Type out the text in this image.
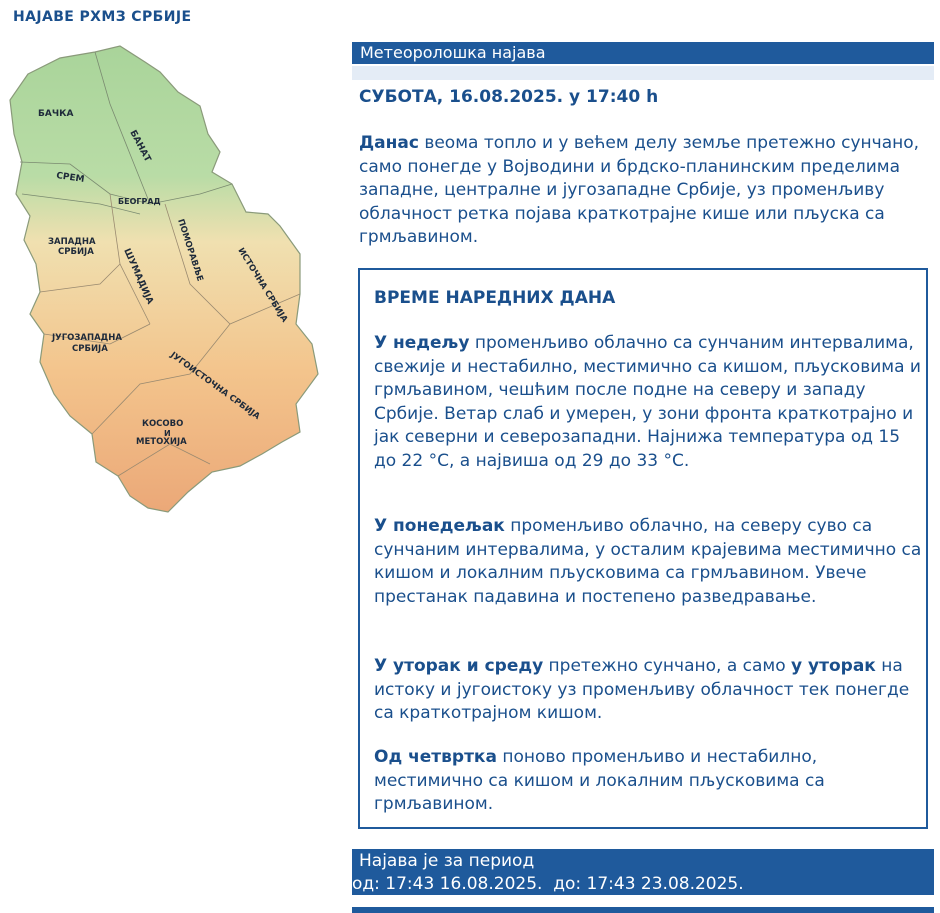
НАЈАВЕ РХМЗ СРБИЈЕ
БАЧКА
БАНАТ
СРЕМ
БЕОГРАД
ЗАПАДНА
СРБИЈА	ШУМАДИЈА ПОМОРАВЉЕ	ИСТОЧНА СРБИЈА
ЈУГОЗАПАДНА
СРБИЈА
ЈУГОИСТОЧНА СРБИЈА
КОСОВО
И
МЕТОХИЈА
Метеоролошка најава
СУБОТА, 16.08.2025. у 17:40 h
Данас веома топло и у већем делу земље претежно сунчано, само понегде у Војводини и брдско-планинским пределима западне, централне и југозападне Србије, уз променљиву облачност ретка појава краткотрајне кише или пљуска са грмљавином.
ВРЕМЕ НАРЕДНИХ ДАНА
У недељу променљиво облачно са сунчаним интервалима, свежије и нестабилно, местимично са кишом, пљусковима и грмљавином, чешћим после подне на северу и западу Србије. Ветар слаб и умерен, у зони фронта краткотрајно и јак северни и северозападни. Најнижа температура од 15 до 22 °C, а највиша од 29 до 33 °C.
У понедељак променљиво облачно, на северу суво са сунчаним интервалима, у осталим крајевима местимично са кишом и локалним пљусковима са грмљавином. Увече престанак падавина и постепено разведравање.
У уторак и среду претежно сунчано, а само у уторак на истоку и југоистоку уз променљиву облачност тек понегде са краткотрајном кишом.
Од четвртка поново променљиво и нестабилно, местимично са кишом и локалним пљусковима са грмљавином.
Најава је за период
од: 17:43 16.08.2025.  до: 17:43 23.08.2025.
